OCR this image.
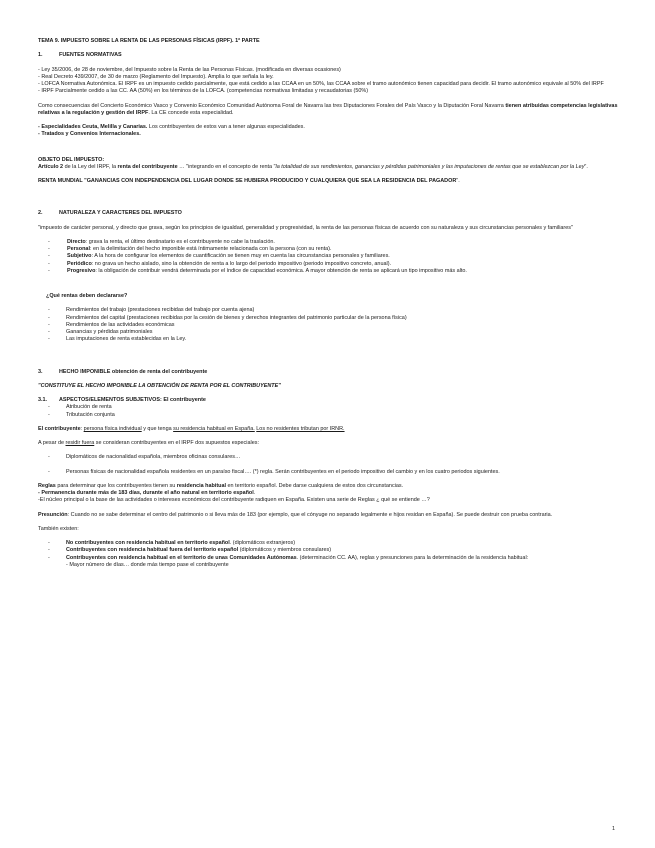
TEMA 9. IMPUESTO SOBRE LA RENTA DE LAS PERSONAS FÍSICAS (IRPF). 1ª PARTE

1.	FUENTES NORMATIVAS

- Ley 35/2006, de 28 de noviembre, del Impuesto sobre la Renta de las Personas Físicas. (modificada en diversas ocasiones)

- Real Decreto 439/2007, de 30 de marzo (Reglamento del Impuesto). Amplia lo que señala la ley.

- LOFCA Normativa Autonómica. El IRPF es un impuesto cedido parcialmente, que está cedido a las CCAA en un 50%, las CCAA sobre el tramo autonómico tienen capacidad para decidir. El tramo autonómico equivale al 50% del IRPF

- IRPF Parcialmente cedido a las CC. AA (50%) en los términos de la LOFCA. (competencias normativas limitadas y recaudatorias (50%)

Como consecuencias del Concierto Económico Vasco y Convenio Económico Comunidad Autónoma Foral de Navarra las tres Diputaciones Forales del País Vasco y la Diputación Foral Navarra tienen atribuidas competencias legislativas relativas a la regulación y gestión del IRPF. La CE concede esta especialidad.

- Especialidades Ceuta, Melilla y Canarias. Los contribuyentes de estos van a tener algunas especialidades.

- Tratados y Convenios Internacionales.

OBJETO DEL IMPUESTO:

Artículo 2 de la Ley del IRPF, la renta del contribuyente … "integrando en el concepto de renta "la totalidad de sus rendimientos, ganancias y pérdidas patrimoniales y las imputaciones de rentas que se establezcan por la Ley".

RENTA MUNDIAL "GANANCIAS CON INDEPENDENCIA DEL LUGAR DONDE SE HUBIERA PRODUCIDO Y CUALQUIERA QUE SEA LA RESIDENCIA DEL PAGADOR".

2.	NATURALEZA Y CARACTERES DEL IMPUESTO

"impuesto de carácter personal, y directo que grava, según los principios de igualdad, generalidad y progresividad, la renta de las personas físicas de acuerdo con su naturaleza y sus circunstancias personales y familiares"

- Directo: grava la renta, el último destinatario es el contribuyente no cabe la traslación.
- Personal: en la delimitación del hecho imponible está íntimamente relacionada con la persona (con su renta).
- Subjetivo: A la hora de configurar los elementos de cuantificación se tienen muy en cuenta las circunstancias personales y familiares.
- Periódico: no grava un hecho aislado, sino la obtención de renta a lo largo del periodo impositivo (periodo impositivo concreto, anual).
- Progresivo: la obligación de contribuir vendrá determinada por el índice de capacidad económica. A mayor obtención de renta se aplicará un tipo impositivo más alto.

¿Qué rentas deben declararse?

- Rendimientos del trabajo (prestaciones recibidas del trabajo por cuenta ajena)
- Rendimientos del capital (prestaciones recibidas por la cesión de bienes y derechos integrantes del patrimonio particular de la persona física)
- Rendimientos de las actividades económicas
- Ganancias y pérdidas patrimoniales
- Las imputaciones de renta establecidas en la Ley.
3.	HECHO IMPONIBLE obtención de renta del contribuyente

"CONSTITUYE EL HECHO IMPONIBLE LA OBTENCIÓN DE RENTA POR EL CONTRIBUYENTE"

3.1.	ASPECTOS/ELEMENTOS SUBJETIVOS: El contribuyente
- Atribución de renta
- Tributación conjunta

El contribuyente: persona física individual y que tenga su residencia habitual en España. Los no residentes tributan por IRNR.

A pesar de residir fuera se consideran contribuyentes en el IRPF dos supuestos especiales:

- Diplomáticos de nacionalidad española, miembros oficinas consulares…
- Personas físicas de nacionalidad española residentes en un paraíso fiscal…. (*) regla. Serán contribuyentes en el periodo impositivo del cambio y en los cuatro periodos siguientes.

Reglas para determinar que los contribuyentes tienen su residencia habitual en territorio español. Debe darse cualquiera de estos dos circunstancias.

- Permanencia durante más de 183 días, durante el año natural en territorio español.

-El núcleo principal o la base de las actividades o intereses económicos del contribuyente radiquen en España. Existen una serie de Reglas ¿ qué se entiende …?

Presunción: Cuando no se sabe determinar el centro del patrimonio o si lleva más de 183 (por ejemplo, que el cónyuge no separado legalmente e hijos residan en España). Se puede destruir con prueba contraria.

También existen:

- No contribuyentes con residencia habitual en territorio español. (diplomáticos extranjeros)
- Contribuyentes con residencia habitual fuera del territorio español (diplomáticos y miembros consulares)
- Contribuyentes con residencia habitual en el territorio de unas Comunidades Autónomas. (determinación CC. AA), reglas y presunciones para la determinación de la residencia habitual:

- Mayor número de días… donde más tiempo pase el contribuyente

1
